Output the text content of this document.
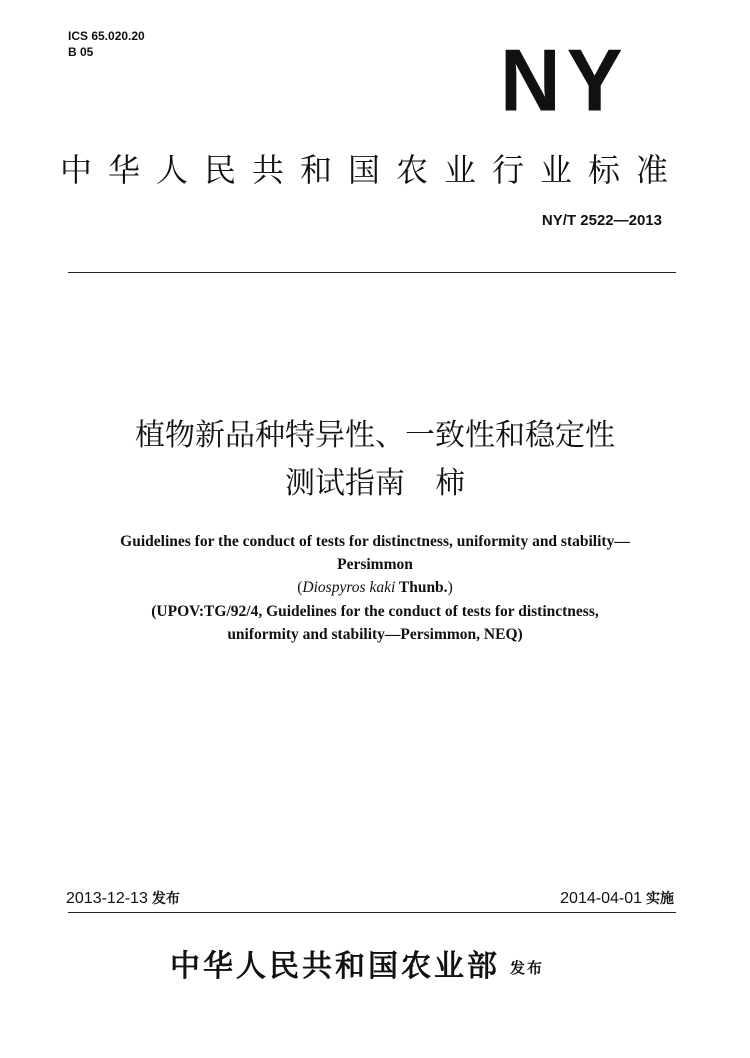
ICS 65.020.20
B 05	NY
中华人民共和国农业行业标准
NY/T 2522—2013
植物新品种特异性、一致性和稳定性
测试指南　柿
Guidelines for the conduct of tests for distinctness, uniformity and stability—
Persimmon
(Diospyros kaki Thunb.)
(UPOV:TG/92/4, Guidelines for the conduct of tests for distinctness,
uniformity and stability—Persimmon, NEQ)
2013-12-13 发布	2014-04-01 实施
中华人民共和国农业部 发布
